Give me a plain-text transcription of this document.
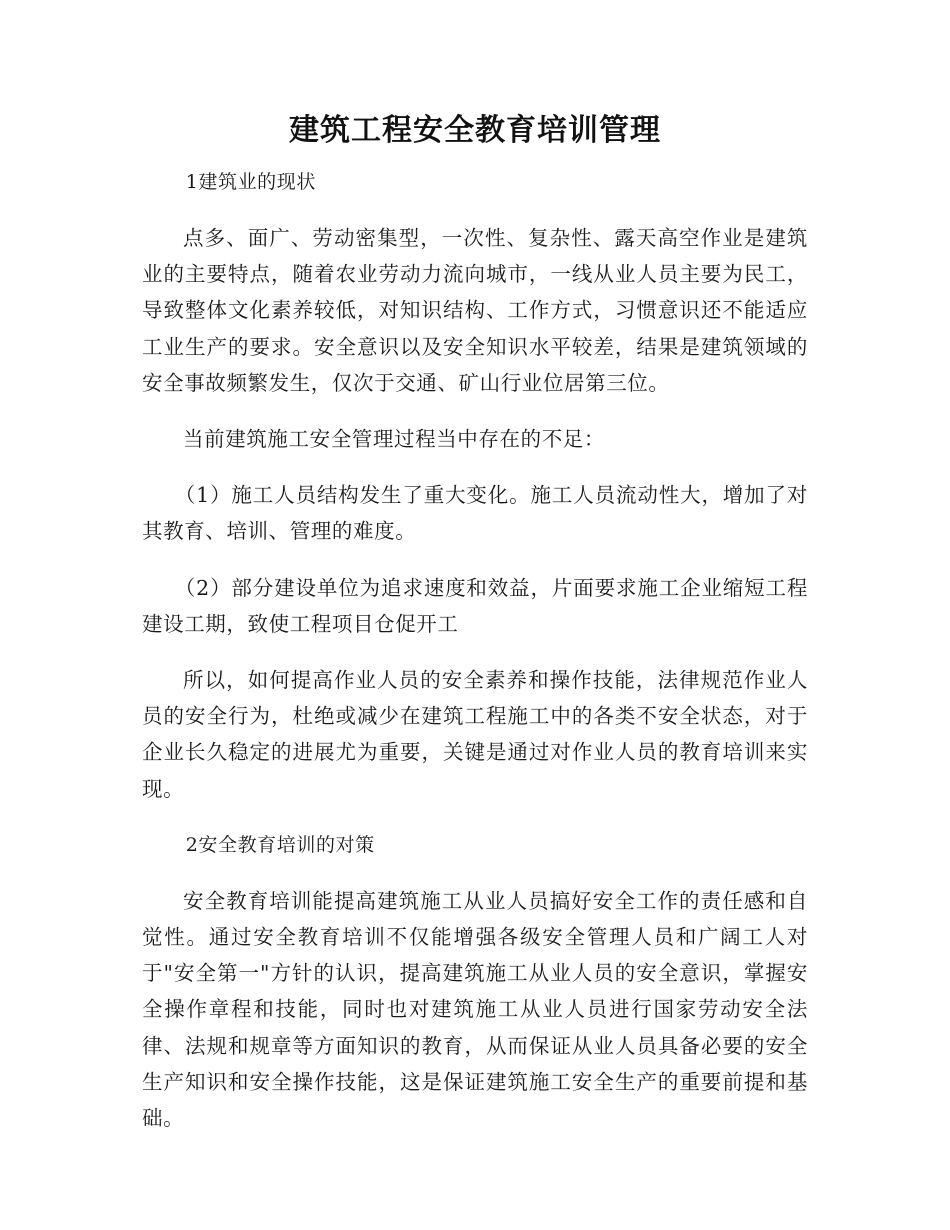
建筑工程安全教育培训管理

1建筑业的现状

点多、面广、劳动密集型，一次性、复杂性、露天高空作业是建筑业的主要特点，随着农业劳动力流向城市，一线从业人员主要为民工，导致整体文化素养较低，对知识结构、工作方式，习惯意识还不能适应工业生产的要求。安全意识以及安全知识水平较差，结果是建筑领域的安全事故频繁发生，仅次于交通、矿山行业位居第三位。

当前建筑施工安全管理过程当中存在的不足：

（1）施工人员结构发生了重大变化。施工人员流动性大，增加了对其教育、培训、管理的难度。

（2）部分建设单位为追求速度和效益，片面要求施工企业缩短工程建设工期，致使工程项目仓促开工

所以，如何提高作业人员的安全素养和操作技能，法律规范作业人员的安全行为，杜绝或减少在建筑工程施工中的各类不安全状态，对于企业长久稳定的进展尤为重要，关键是通过对作业人员的教育培训来实现。

2安全教育培训的对策

安全教育培训能提高建筑施工从业人员搞好安全工作的责任感和自觉性。通过安全教育培训不仅能增强各级安全管理人员和广阔工人对于"安全第一"方针的认识，提高建筑施工从业人员的安全意识，掌握安全操作章程和技能，同时也对建筑施工从业人员进行国家劳动安全法律、法规和规章等方面知识的教育，从而保证从业人员具备必要的安全生产知识和安全操作技能，这是保证建筑施工安全生产的重要前提和基础。
